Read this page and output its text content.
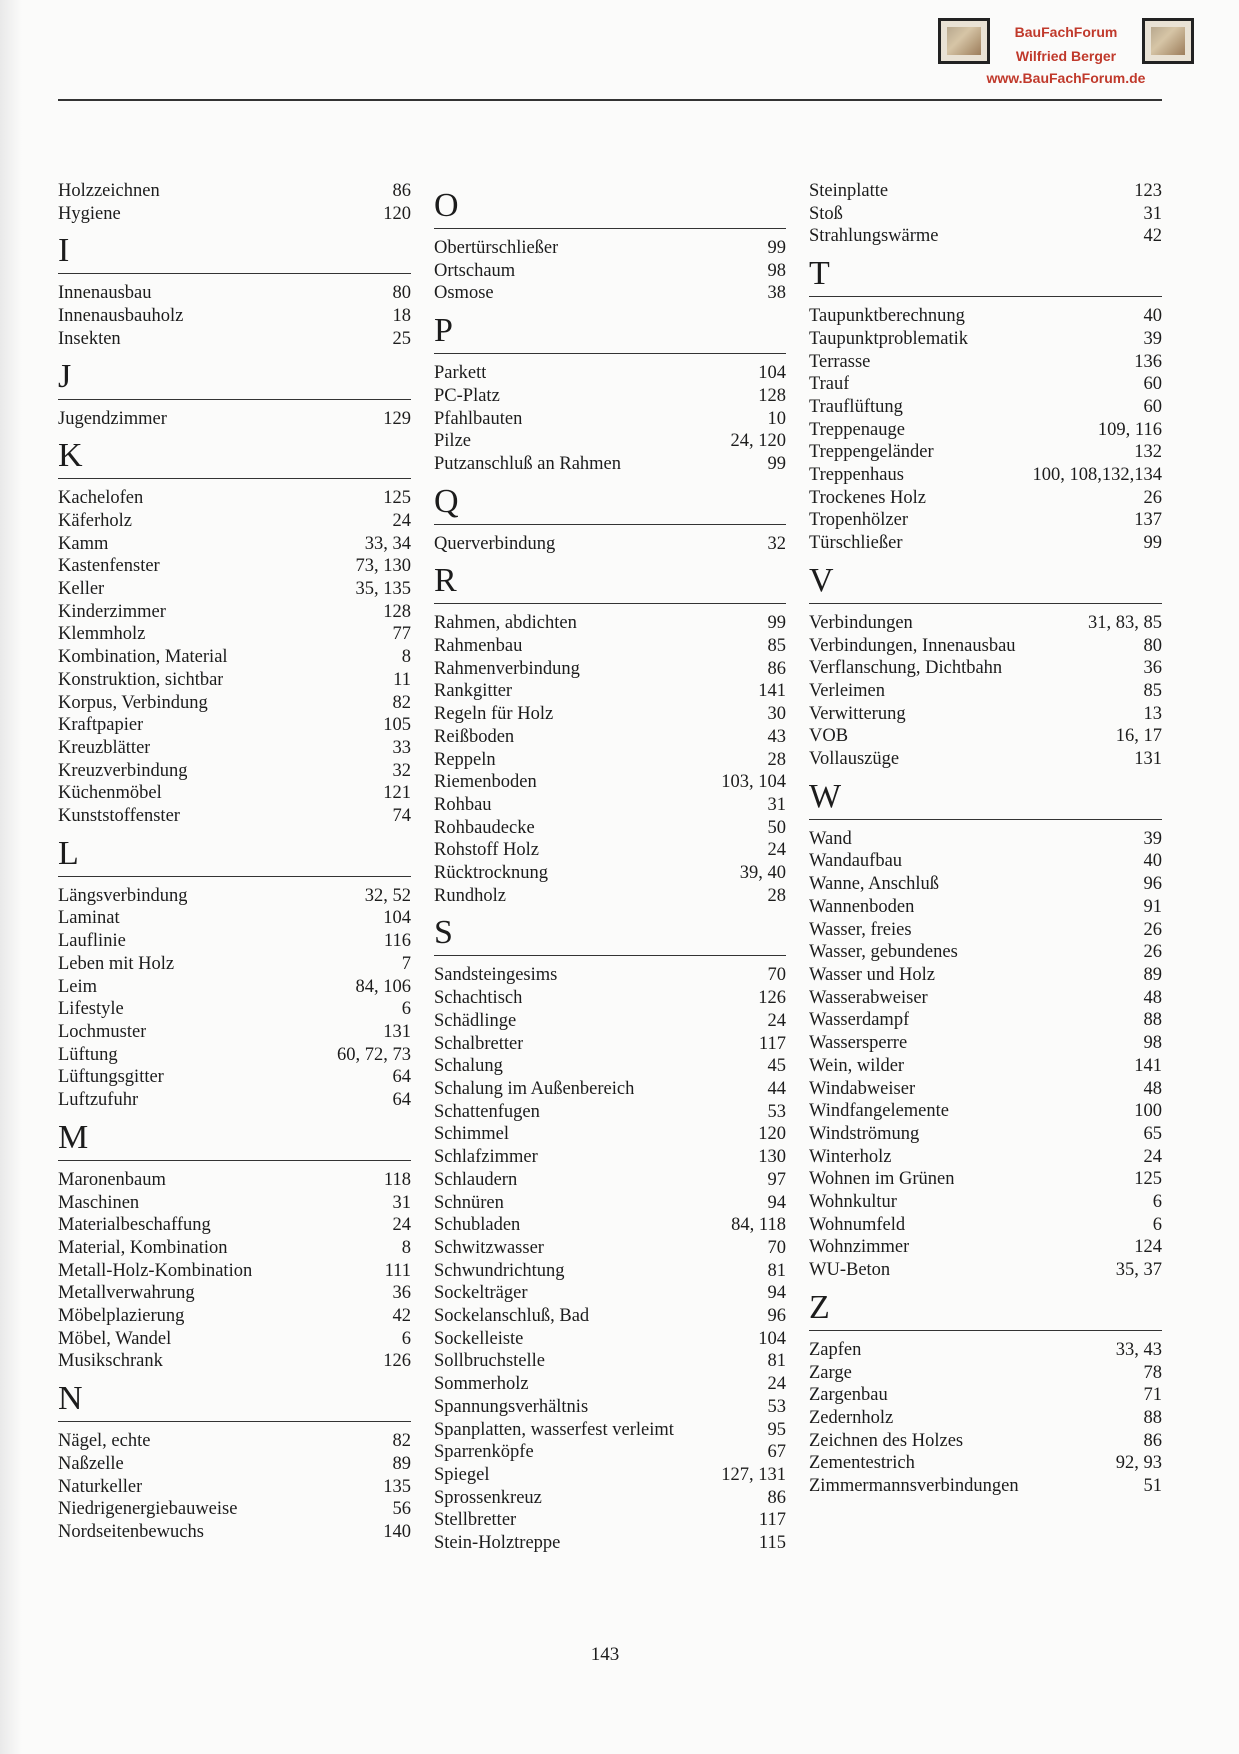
BauFachForum
Wilfried Berger
www.BauFachForum.de
Holzzeichnen	86
Hygiene	120
I
Innenausbau	80
Innenausbauholz	18
Insekten	25
J
Jugendzimmer	129
K
Kachelofen	125
Käferholz	24
Kamm	33, 34
Kastenfenster	73, 130
Keller	35, 135
Kinderzimmer	128
Klemmholz	77
Kombination, Material	8
Konstruktion, sichtbar	11
Korpus, Verbindung	82
Kraftpapier	105
Kreuzblätter	33
Kreuzverbindung	32
Küchenmöbel	121
Kunststoffenster	74
L
Längsverbindung	32, 52
Laminat	104
Lauflinie	116
Leben mit Holz	7
Leim	84, 106
Lifestyle	6
Lochmuster	131
Lüftung	60, 72, 73
Lüftungsgitter	64
Luftzufuhr	64
M
Maronenbaum	118
Maschinen	31
Materialbeschaffung	24
Material, Kombination	8
Metall-Holz-Kombination	111
Metallverwahrung	36
Möbelplazierung	42
Möbel, Wandel	6
Musikschrank	126
N
Nägel, echte	82
Naßzelle	89
Naturkeller	135
Niedrigenergiebauweise	56
Nordseitenbewuchs	140
O
Obertürschließer	99
Ortschaum	98
Osmose	38
P
Parkett	104
PC-Platz	128
Pfahlbauten	10
Pilze	24, 120
Putzanschluß an Rahmen	99
Q
Querverbindung	32
R
Rahmen, abdichten	99
Rahmenbau	85
Rahmenverbindung	86
Rankgitter	141
Regeln für Holz	30
Reißboden	43
Reppeln	28
Riemenboden	103, 104
Rohbau	31
Rohbaudecke	50
Rohstoff Holz	24
Rücktrocknung	39, 40
Rundholz	28
S
Sandsteingesims	70
Schachtisch	126
Schädlinge	24
Schalbretter	117
Schalung	45
Schalung im Außenbereich	44
Schattenfugen	53
Schimmel	120
Schlafzimmer	130
Schlaudern	97
Schnüren	94
Schubladen	84, 118
Schwitzwasser	70
Schwundrichtung	81
Sockelträger	94
Sockelanschluß, Bad	96
Sockelleiste	104
Sollbruchstelle	81
Sommerholz	24
Spannungsverhältnis	53
Spanplatten, wasserfest verleimt	95
Sparrenköpfe	67
Spiegel	127, 131
Sprossenkreuz	86
Stellbretter	117
Stein-Holztreppe	115
Steinplatte	123
Stoß	31
Strahlungswärme	42
T
Taupunktberechnung	40
Taupunktproblematik	39
Terrasse	136
Trauf	60
Trauflüftung	60
Treppenauge	109, 116
Treppengeländer	132
Treppenhaus	100, 108,132,134
Trockenes Holz	26
Tropenhölzer	137
Türschließer	99
V
Verbindungen	31, 83, 85
Verbindungen, Innenausbau	80
Verflanschung, Dichtbahn	36
Verleimen	85
Verwitterung	13
VOB	16, 17
Vollauszüge	131
W
Wand	39
Wandaufbau	40
Wanne, Anschluß	96
Wannenboden	91
Wasser, freies	26
Wasser, gebundenes	26
Wasser und Holz	89
Wasserabweiser	48
Wasserdampf	88
Wassersperre	98
Wein, wilder	141
Windabweiser	48
Windfangelemente	100
Windströmung	65
Winterholz	24
Wohnen im Grünen	125
Wohnkultur	6
Wohnumfeld	6
Wohnzimmer	124
WU-Beton	35, 37
Z
Zapfen	33, 43
Zarge	78
Zargenbau	71
Zedernholz	88
Zeichnen des Holzes	86
Zementestrich	92, 93
Zimmermannsverbindungen	51
143
